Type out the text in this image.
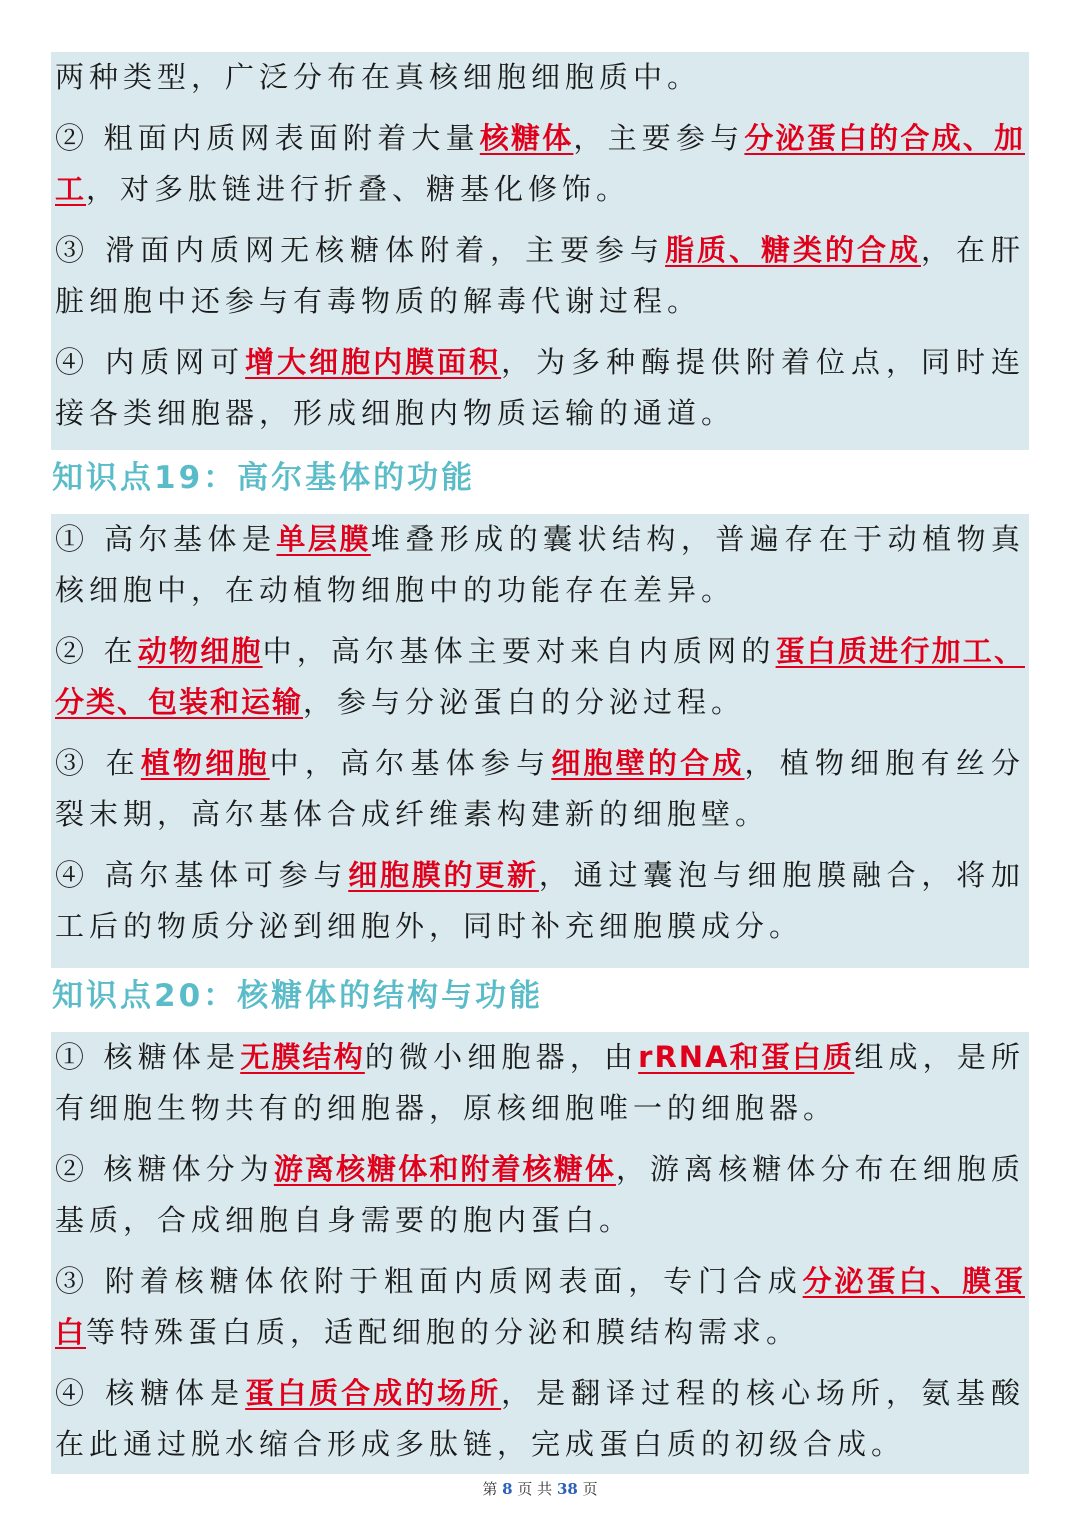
两种类型，广泛分布在真核细胞细胞质中。

② 粗面内质网表面附着大量核糖体，主要参与分泌蛋白的合成、加工，对多肽链进行折叠、糖基化修饰。

③ 滑面内质网无核糖体附着，主要参与脂质、糖类的合成，在肝脏细胞中还参与有毒物质的解毒代谢过程。

④ 内质网可增大细胞内膜面积，为多种酶提供附着位点，同时连接各类细胞器，形成细胞内物质运输的通道。

知识点19：高尔基体的功能

① 高尔基体是单层膜堆叠形成的囊状结构，普遍存在于动植物真核细胞中，在动植物细胞中的功能存在差异。

② 在动物细胞中，高尔基体主要对来自内质网的蛋白质进行加工、分类、包装和运输，参与分泌蛋白的分泌过程。

③ 在植物细胞中，高尔基体参与细胞壁的合成，植物细胞有丝分裂末期，高尔基体合成纤维素构建新的细胞壁。

④ 高尔基体可参与细胞膜的更新，通过囊泡与细胞膜融合，将加工后的物质分泌到细胞外，同时补充细胞膜成分。

知识点20：核糖体的结构与功能

① 核糖体是无膜结构的微小细胞器，由rRNA和蛋白质组成，是所有细胞生物共有的细胞器，原核细胞唯一的细胞器。

② 核糖体分为游离核糖体和附着核糖体，游离核糖体分布在细胞质基质，合成细胞自身需要的胞内蛋白。

③ 附着核糖体依附于粗面内质网表面，专门合成分泌蛋白、膜蛋白等特殊蛋白质，适配细胞的分泌和膜结构需求。

④ 核糖体是蛋白质合成的场所，是翻译过程的核心场所，氨基酸在此通过脱水缩合形成多肽链，完成蛋白质的初级合成。

第 8 页 共 38 页
